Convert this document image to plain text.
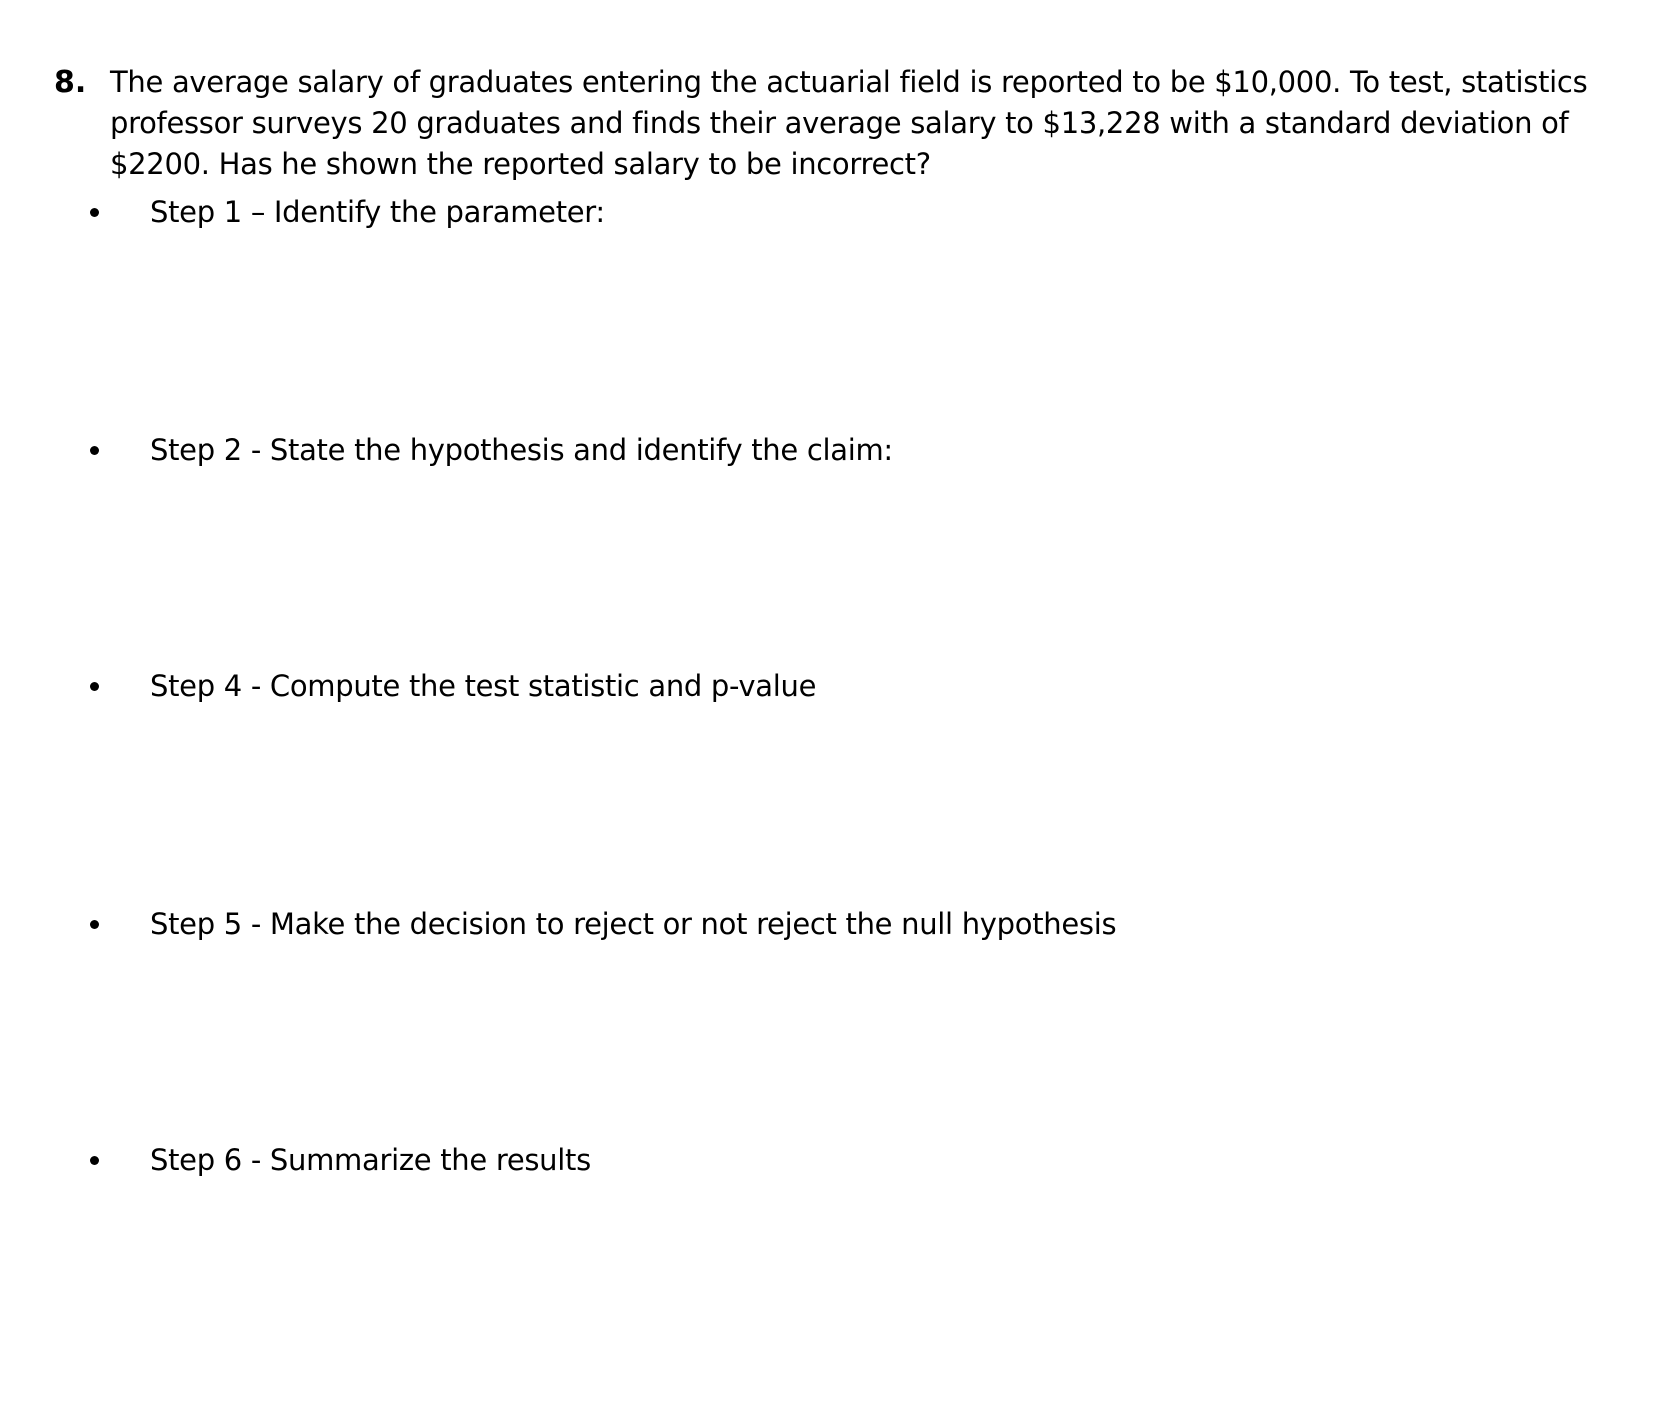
8. The average salary of graduates entering the actuarial field is reported to be $10,000. To test, statistics professor surveys 20 graduates and finds their average salary to $13,228 with a standard deviation of $2200. Has he shown the reported salary to be incorrect?
Step 1 – Identify the parameter:
Step 2 - State the hypothesis and identify the claim:
Step 4 - Compute the test statistic and p-value
Step 5 - Make the decision to reject or not reject the null hypothesis
Step 6 - Summarize the results
